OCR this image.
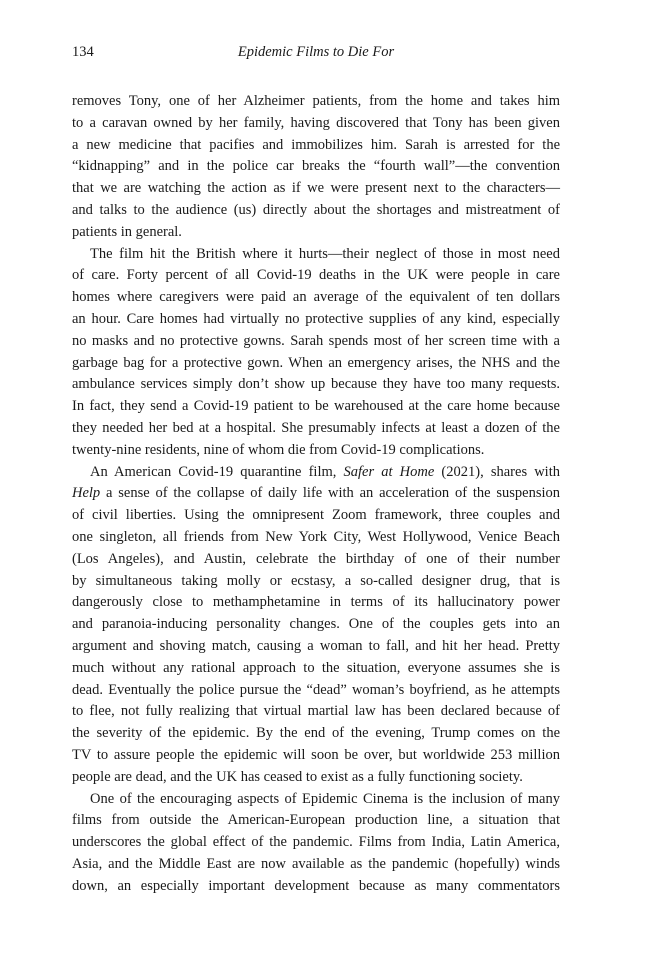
134	Epidemic Films to Die For
removes Tony, one of her Alzheimer patients, from the home and takes him
to a caravan owned by her family, having discovered that Tony has been given
a new medicine that pacifies and immobilizes him. Sarah is arrested for the
“kidnapping” and in the police car breaks the “fourth wall”—the convention
that we are watching the action as if we were present next to the characters—
and talks to the audience (us) directly about the shortages and mistreatment of
patients in general.
The film hit the British where it hurts—their neglect of those in most need
of care. Forty percent of all Covid-19 deaths in the UK were people in care
homes where caregivers were paid an average of the equivalent of ten dollars
an hour. Care homes had virtually no protective supplies of any kind, especially
no masks and no protective gowns. Sarah spends most of her screen time with a
garbage bag for a protective gown. When an emergency arises, the NHS and the
ambulance services simply don’t show up because they have too many requests.
In fact, they send a Covid-19 patient to be warehoused at the care home because
they needed her bed at a hospital. She presumably infects at least a dozen of the
twenty-nine residents, nine of whom die from Covid-19 complications.
An American Covid-19 quarantine film, Safer at Home (2021), shares with
Help a sense of the collapse of daily life with an acceleration of the suspension
of civil liberties. Using the omnipresent Zoom framework, three couples and
one singleton, all friends from New York City, West Hollywood, Venice Beach
(Los Angeles), and Austin, celebrate the birthday of one of their number
by simultaneous taking molly or ecstasy, a so-called designer drug, that is
dangerously close to methamphetamine in terms of its hallucinatory power
and paranoia-inducing personality changes. One of the couples gets into an
argument and shoving match, causing a woman to fall, and hit her head. Pretty
much without any rational approach to the situation, everyone assumes she is
dead. Eventually the police pursue the “dead” woman’s boyfriend, as he attempts
to flee, not fully realizing that virtual martial law has been declared because of
the severity of the epidemic. By the end of the evening, Trump comes on the
TV to assure people the epidemic will soon be over, but worldwide 253 million
people are dead, and the UK has ceased to exist as a fully functioning society.
One of the encouraging aspects of Epidemic Cinema is the inclusion of many
films from outside the American-European production line, a situation that
underscores the global effect of the pandemic. Films from India, Latin America,
Asia, and the Middle East are now available as the pandemic (hopefully) winds
down, an especially important development because as many commentators
